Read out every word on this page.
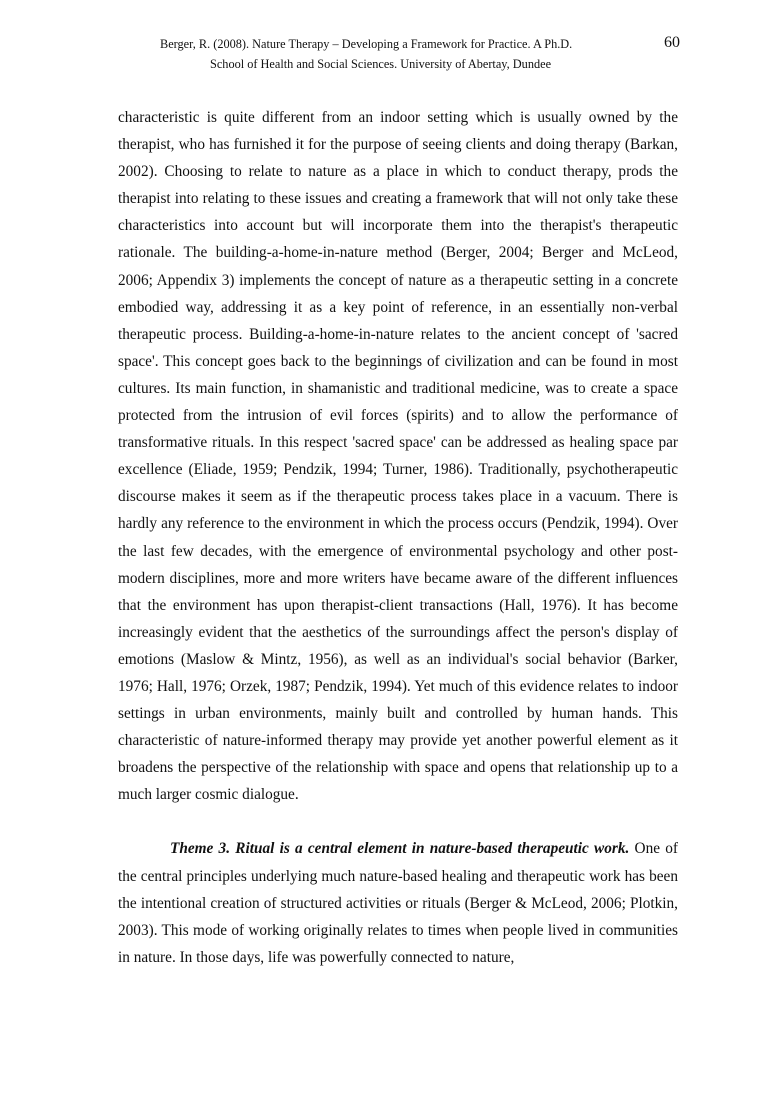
Berger, R. (2008). Nature Therapy – Developing a Framework for Practice. A Ph.D.	60
School of Health and Social Sciences. University of Abertay, Dundee

characteristic is quite different from an indoor setting which is usually owned by the therapist, who has furnished it for the purpose of seeing clients and doing therapy (Barkan, 2002). Choosing to relate to nature as a place in which to conduct therapy, prods the therapist into relating to these issues and creating a framework that will not only take these characteristics into account but will incorporate them into the therapist's therapeutic rationale. The building-a-home-in-nature method (Berger, 2004; Berger and McLeod, 2006; Appendix 3) implements the concept of nature as a therapeutic setting in a concrete embodied way, addressing it as a key point of reference, in an essentially non-verbal therapeutic process. Building-a-home-in-nature relates to the ancient concept of 'sacred space'. This concept goes back to the beginnings of civilization and can be found in most cultures. Its main function, in shamanistic and traditional medicine, was to create a space protected from the intrusion of evil forces (spirits) and to allow the performance of transformative rituals. In this respect 'sacred space' can be addressed as healing space par excellence (Eliade, 1959; Pendzik, 1994; Turner, 1986). Traditionally, psychotherapeutic discourse makes it seem as if the therapeutic process takes place in a vacuum. There is hardly any reference to the environment in which the process occurs (Pendzik, 1994). Over the last few decades, with the emergence of environmental psychology and other post-modern disciplines, more and more writers have became aware of the different influences that the environment has upon therapist-client transactions (Hall, 1976). It has become increasingly evident that the aesthetics of the surroundings affect the person's display of emotions (Maslow & Mintz, 1956), as well as an individual's social behavior (Barker, 1976; Hall, 1976; Orzek, 1987; Pendzik, 1994). Yet much of this evidence relates to indoor settings in urban environments, mainly built and controlled by human hands. This characteristic of nature-informed therapy may provide yet another powerful element as it broadens the perspective of the relationship with space and opens that relationship up to a much larger cosmic dialogue.

Theme 3. Ritual is a central element in nature-based therapeutic work. One of the central principles underlying much nature-based healing and therapeutic work has been the intentional creation of structured activities or rituals (Berger & McLeod, 2006; Plotkin, 2003). This mode of working originally relates to times when people lived in communities in nature. In those days, life was powerfully connected to nature,
